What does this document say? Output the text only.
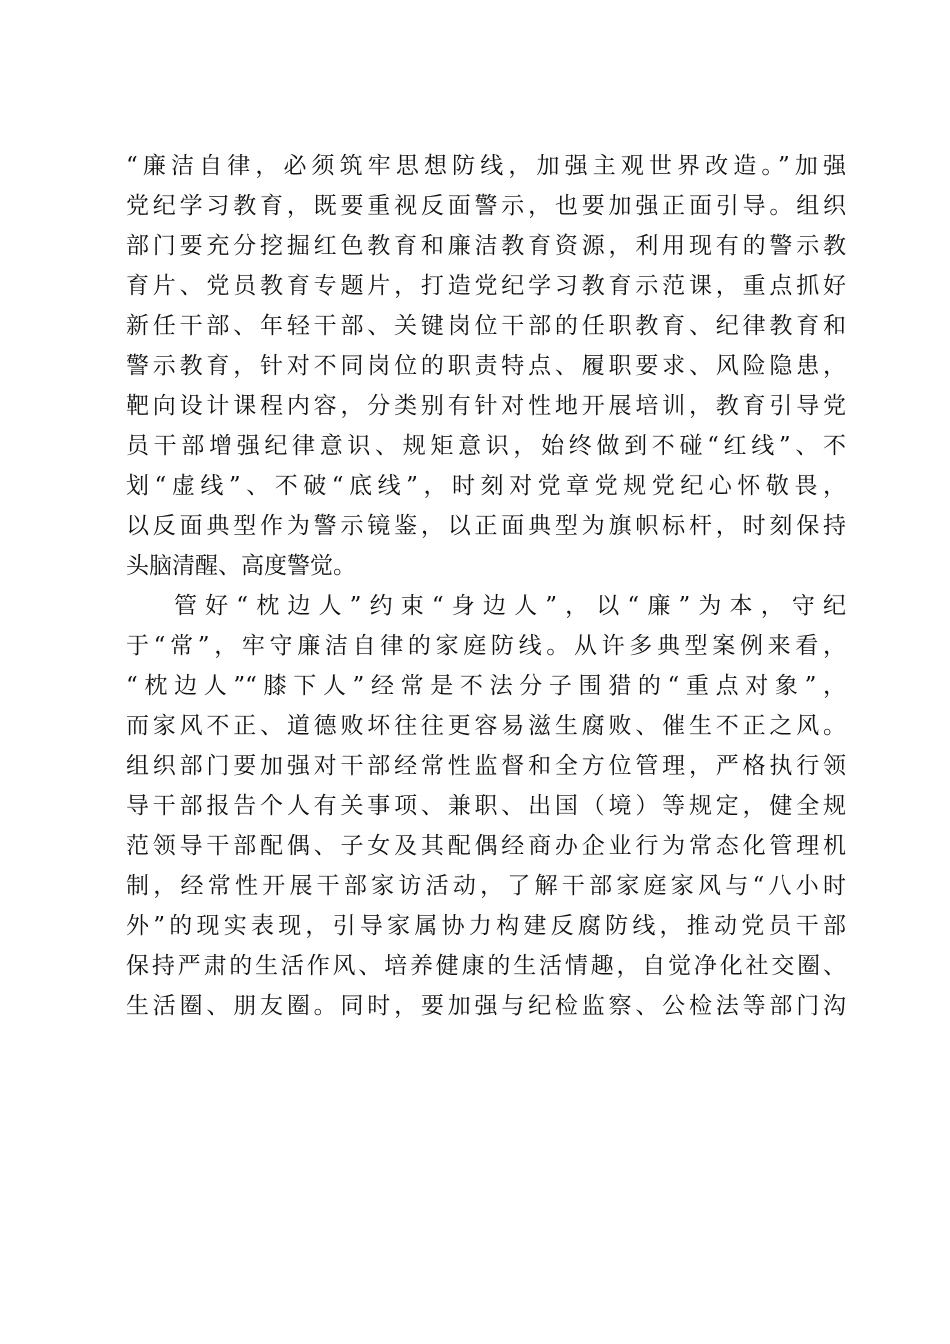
“廉洁自律，必须筑牢思想防线，加强主观世界改造。”加强
党纪学习教育，既要重视反面警示，也要加强正面引导。组织
部门要充分挖掘红色教育和廉洁教育资源，利用现有的警示教
育片、党员教育专题片，打造党纪学习教育示范课，重点抓好
新任干部、年轻干部、关键岗位干部的任职教育、纪律教育和
警示教育，针对不同岗位的职责特点、履职要求、风险隐患，
靶向设计课程内容，分类别有针对性地开展培训，教育引导党
员干部增强纪律意识、规矩意识，始终做到不碰“红线”、不
划“虚线”、不破“底线”，时刻对党章党规党纪心怀敬畏，
以反面典型作为警示镜鉴，以正面典型为旗帜标杆，时刻保持
头脑清醒、高度警觉。
管好“枕边人”约束“身边人”，以“廉”为本，守纪
于“常”，牢守廉洁自律的家庭防线。从许多典型案例来看，
“枕边人”“膝下人”经常是不法分子围猎的“重点对象”，
而家风不正、道德败坏往往更容易滋生腐败、催生不正之风。
组织部门要加强对干部经常性监督和全方位管理，严格执行领
导干部报告个人有关事项、兼职、出国（境）等规定，健全规
范领导干部配偶、子女及其配偶经商办企业行为常态化管理机
制，经常性开展干部家访活动，了解干部家庭家风与“八小时
外”的现实表现，引导家属协力构建反腐防线，推动党员干部
保持严肃的生活作风、培养健康的生活情趣，自觉净化社交圈、
生活圈、朋友圈。同时，要加强与纪检监察、公检法等部门沟
